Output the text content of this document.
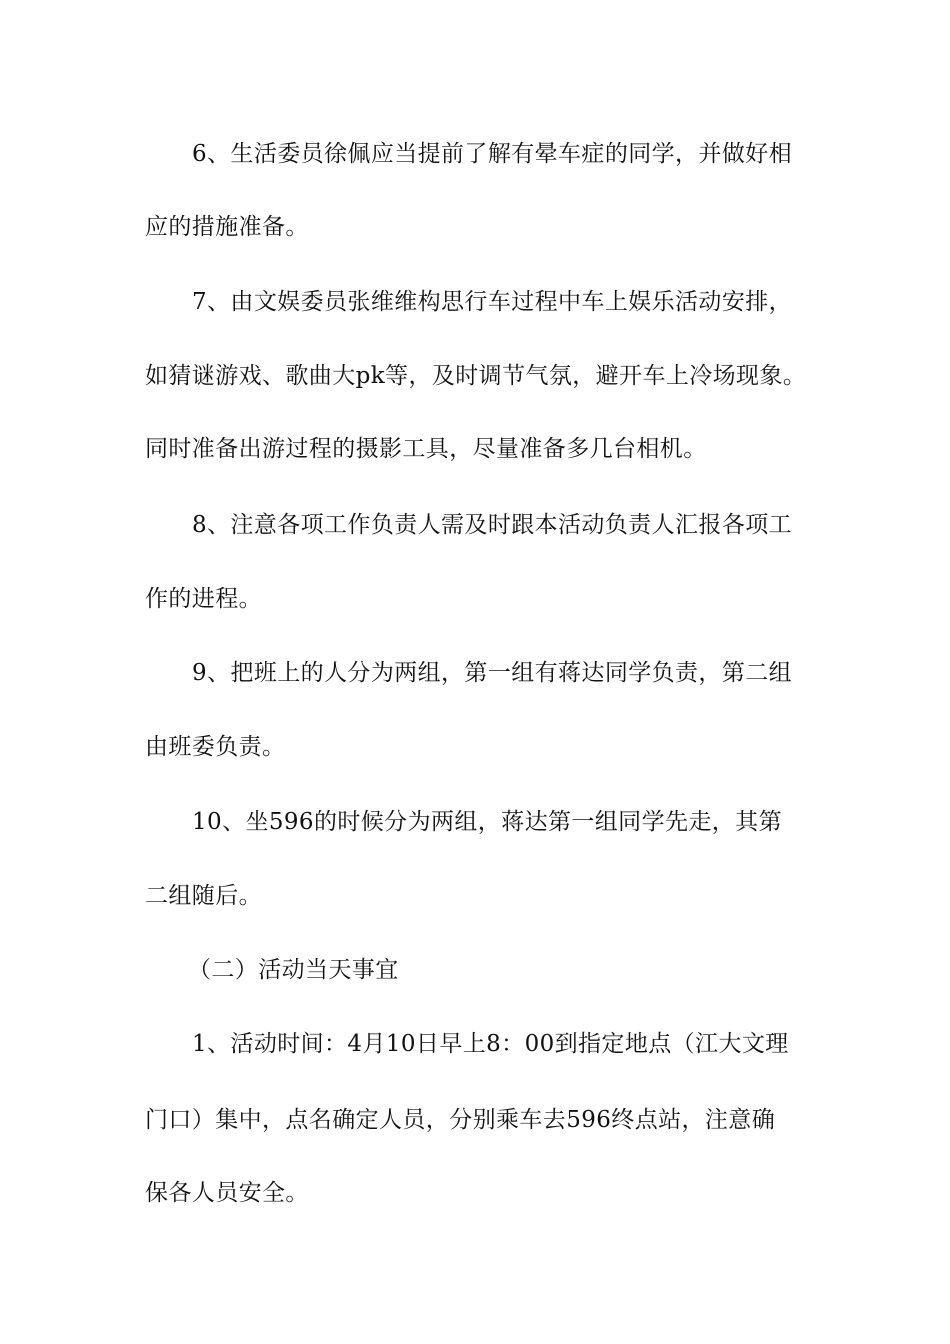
6、生活委员徐佩应当提前了解有晕车症的同学，并做好相
应的措施准备。
7、由文娱委员张维维构思行车过程中车上娱乐活动安排，
如猜谜游戏、歌曲大pk等，及时调节气氛，避开车上冷场现象。
同时准备出游过程的摄影工具，尽量准备多几台相机。
8、注意各项工作负责人需及时跟本活动负责人汇报各项工
作的进程。
9、把班上的人分为两组，第一组有蒋达同学负责，第二组
由班委负责。
10、坐596的时候分为两组，蒋达第一组同学先走，其第
二组随后。
（二）活动当天事宜
1、活动时间：4月10日早上8：00到指定地点（江大文理
门口）集中，点名确定人员，分别乘车去596终点站，注意确
保各人员安全。
